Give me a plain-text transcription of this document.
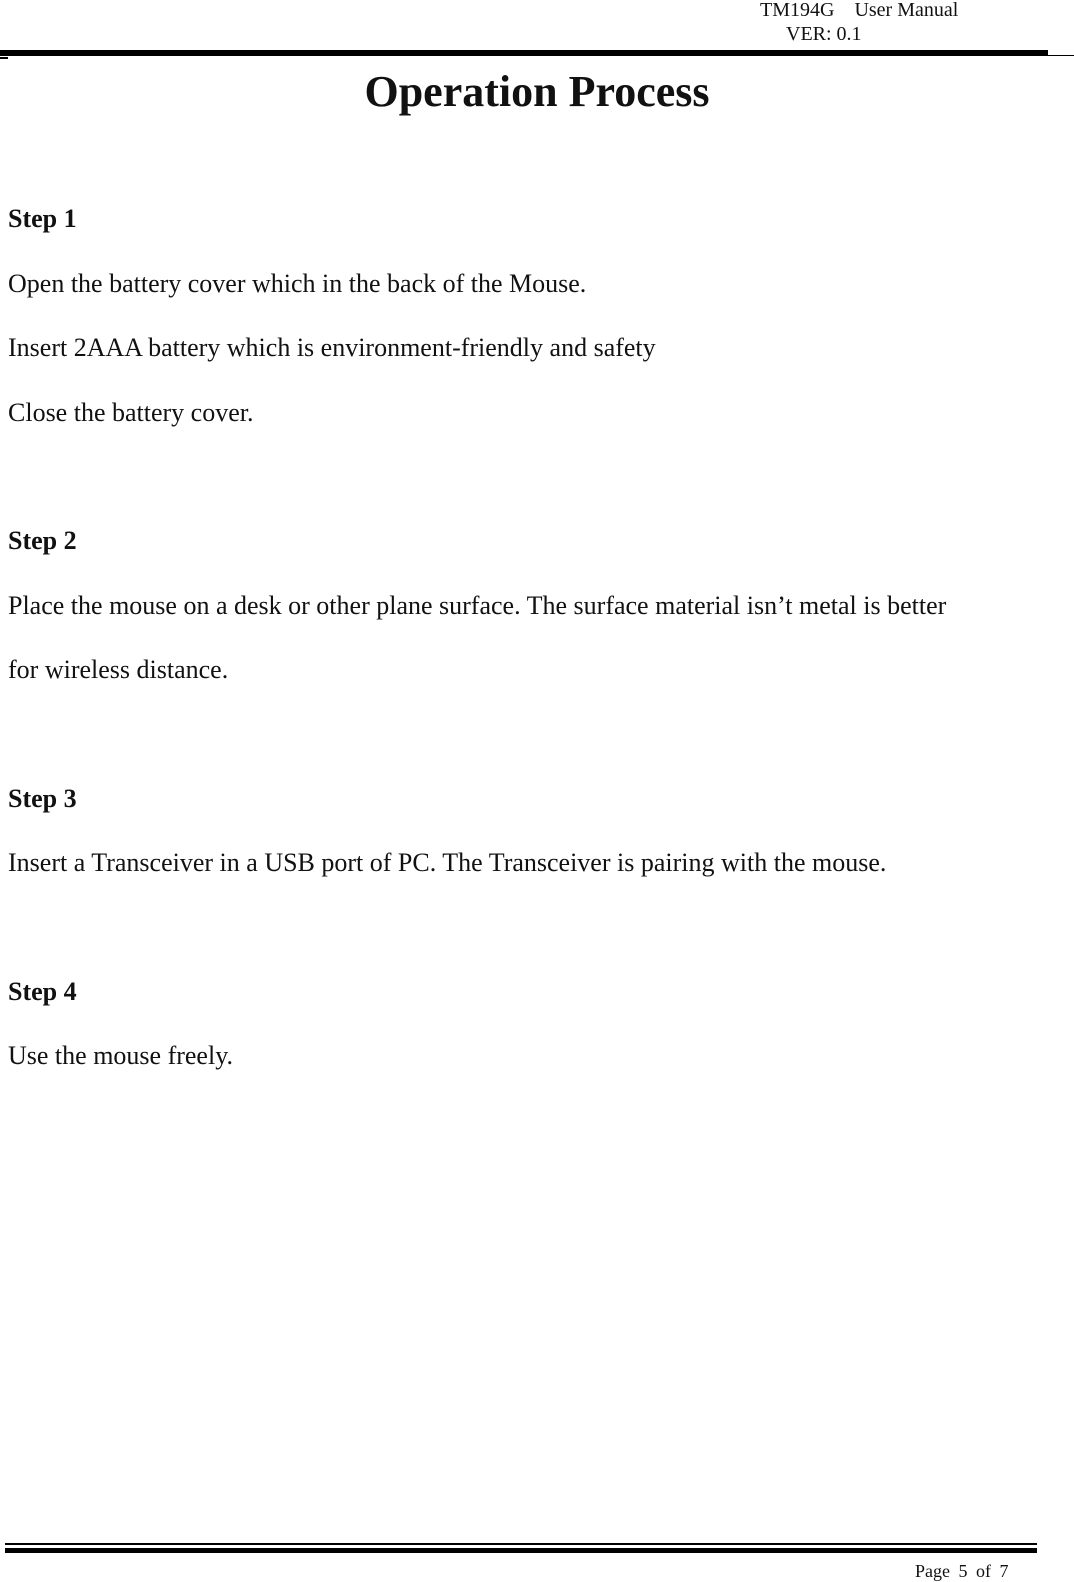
TM194G    User Manual
VER: 0.1
Operation Process
Step 1
Open the battery cover which in the back of the Mouse.
Insert 2AAA battery which is environment-friendly and safety
Close the battery cover.
Step 2
Place the mouse on a desk or other plane surface. The surface material isn’t metal is better
for wireless distance.
Step 3
Insert a Transceiver in a USB port of PC. The Transceiver is pairing with the mouse.
Step 4
Use the mouse freely.
Page 5 of 7
